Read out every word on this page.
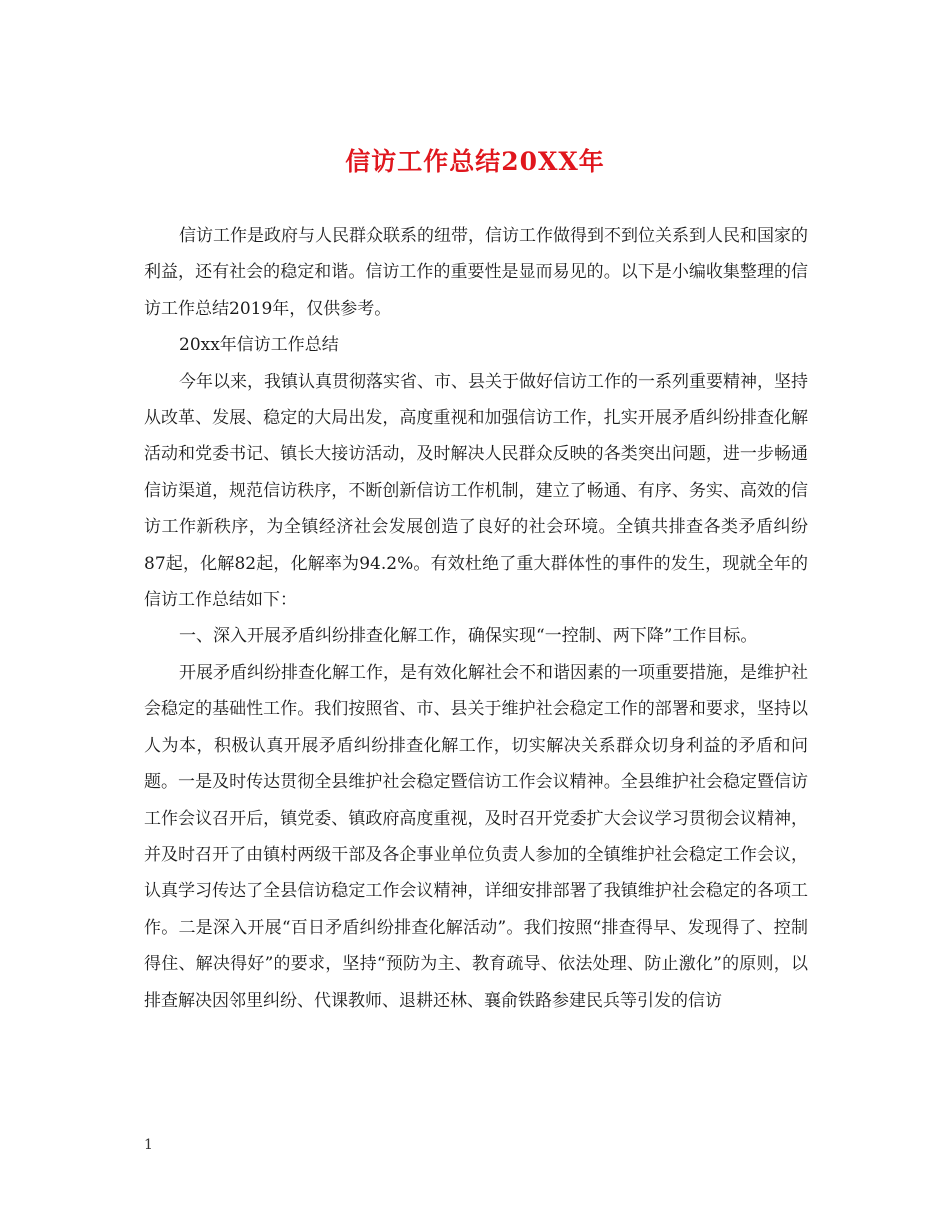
信访工作总结20XX年

信访工作是政府与人民群众联系的纽带，信访工作做得到不到位关系到人民和国家的利益，还有社会的稳定和谐。信访工作的重要性是显而易见的。以下是小编收集整理的信访工作总结2019年，仅供参考。

20xx年信访工作总结

今年以来，我镇认真贯彻落实省、市、县关于做好信访工作的一系列重要精神，坚持从改革、发展、稳定的大局出发，高度重视和加强信访工作，扎实开展矛盾纠纷排查化解活动和党委书记、镇长大接访活动，及时解决人民群众反映的各类突出问题，进一步畅通信访渠道，规范信访秩序，不断创新信访工作机制，建立了畅通、有序、务实、高效的信访工作新秩序，为全镇经济社会发展创造了良好的社会环境。全镇共排查各类矛盾纠纷87起，化解82起，化解率为94.2%。有效杜绝了重大群体性的事件的发生，现就全年的信访工作总结如下：

一、深入开展矛盾纠纷排查化解工作，确保实现“一控制、两下降”工作目标。

开展矛盾纠纷排查化解工作，是有效化解社会不和谐因素的一项重要措施，是维护社会稳定的基础性工作。我们按照省、市、县关于维护社会稳定工作的部署和要求，坚持以人为本，积极认真开展矛盾纠纷排查化解工作，切实解决关系群众切身利益的矛盾和问题。一是及时传达贯彻全县维护社会稳定暨信访工作会议精神。全县维护社会稳定暨信访工作会议召开后，镇党委、镇政府高度重视，及时召开党委扩大会议学习贯彻会议精神，并及时召开了由镇村两级干部及各企事业单位负责人参加的全镇维护社会稳定工作会议，认真学习传达了全县信访稳定工作会议精神，详细安排部署了我镇维护社会稳定的各项工作。二是深入开展“百日矛盾纠纷排查化解活动”。我们按照“排查得早、发现得了、控制得住、解决得好”的要求，坚持“预防为主、教育疏导、依法处理、防止激化”的原则，以排查解决因邻里纠纷、代课教师、退耕还林、襄俞铁路参建民兵等引发的信访

1
